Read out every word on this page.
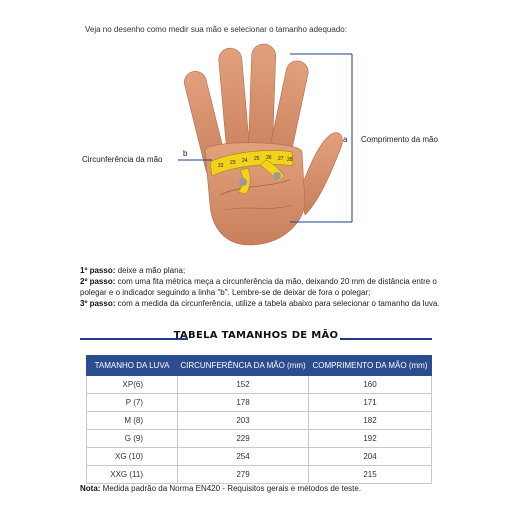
Veja no desenho como medir sua mão e selecionar o tamanho adequado:
22 23 24 25 26 27 28
a Comprimento da mão
b
Circunferência da mão

1º passo: deixe a mão plana;

2º passo: com uma fita métrica meça a circunferência da mão, deixando 20 mm de distância entre o polegar e o indicador seguindo a linha "b". Lembre-se de deixar de fora o polegar;

3º passo: com a medida da circunferência, utilize a tabela abaixo para selecionar o tamanho da luva.

TABELA TAMANHOS DE MÃO
TAMANHO DA LUVA	CIRCUNFERÊNCIA DA MÃO (mm)	COMPRIMENTO DA MÃO (mm)
XP(6)	152	160
P (7)	178	171
M (8)	203	182
G (9)	229	192
XG (10)	254	204
XXG (11)	279	215
Nota: Medida padrão da Norma EN420 - Requisitos gerais e métodos de teste.
